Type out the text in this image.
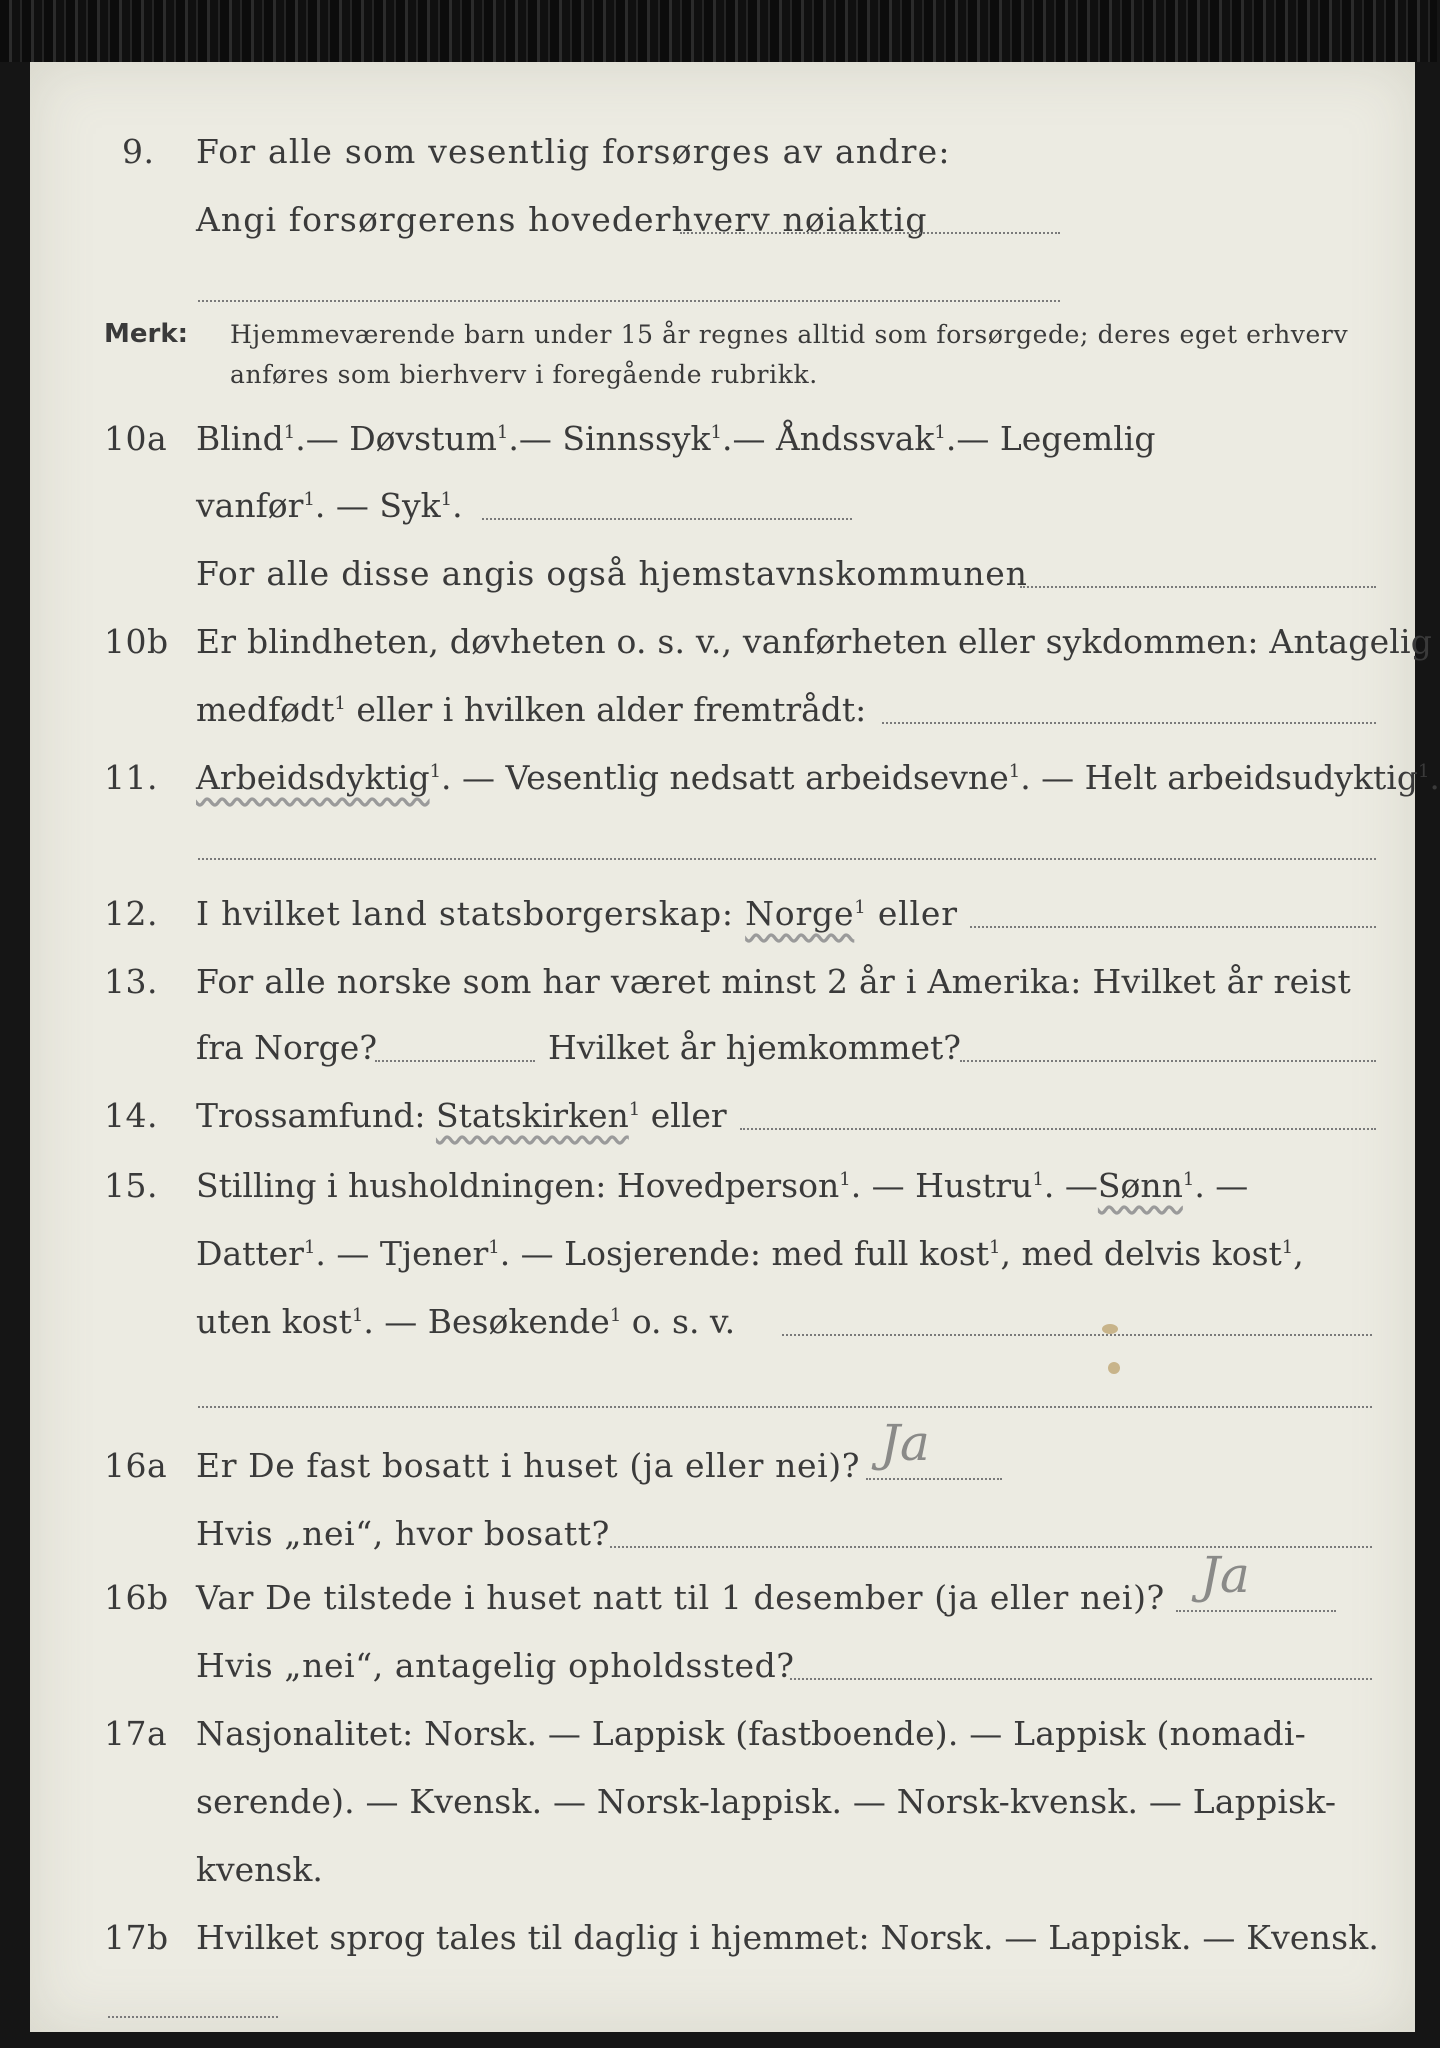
9. For alle som vesentlig forsørges av andre:
Angi forsørgerens hovederhverv nøiaktig
Merk: Hjemmeværende barn under 15 år regnes alltid som forsørgede; deres eget erhverv
anføres som bierhverv i foregående rubrikk.
10a Blind$^1$. — Døvstum$^1$. — Sinnssyk$^1$. — Åndssvak$^1$. — Legemlig
vanfør$^1$. — Syk$^1$.
For alle disse angis også hjemstavnskommunen
10b Er blindheten, døvheten o. s. v., vanførheten eller sykdommen: Antagelig
medfødt$^1$ eller i hvilken alder fremtrådt:
11. Arbeidsdyktig$^1$. — Vesentlig nedsatt arbeidsevne$^1$. — Helt arbeidsudyktig$^1$.
12. I hvilket land statsborgerskap: Norge$^1$ eller
13. For alle norske som har været minst 2 år i Amerika: Hvilket år reist
fra Norge?	Hvilket år hjemkommet?
14. Trossamfund: Statskirken$^1$ eller
15. Stilling i husholdningen: Hovedperson$^1$. — Hustru$^1$. — Sønn$^1$. —
Datter$^1$. — Tjener$^1$. — Losjerende: med full kost$^1$, med delvis kost$^1$,
uten kost$^1$. — Besøkende$^1$ o. s. v.
16a Er De fast bosatt i huset (ja eller nei)? Ja
Hvis „nei“, hvor bosatt?
16b Var De tilstede i huset natt til 1 desember (ja eller nei)? Ja
Hvis „nei“, antagelig opholdssted?
17a Nasjonalitet: Norsk. — Lappisk (fastboende). — Lappisk (nomadi-
serende). — Kvensk. — Norsk-lappisk. — Norsk-kvensk. — Lappisk-
kvensk.
17b Hvilket sprog tales til daglig i hjemmet: Norsk. — Lappisk. — Kvensk.
